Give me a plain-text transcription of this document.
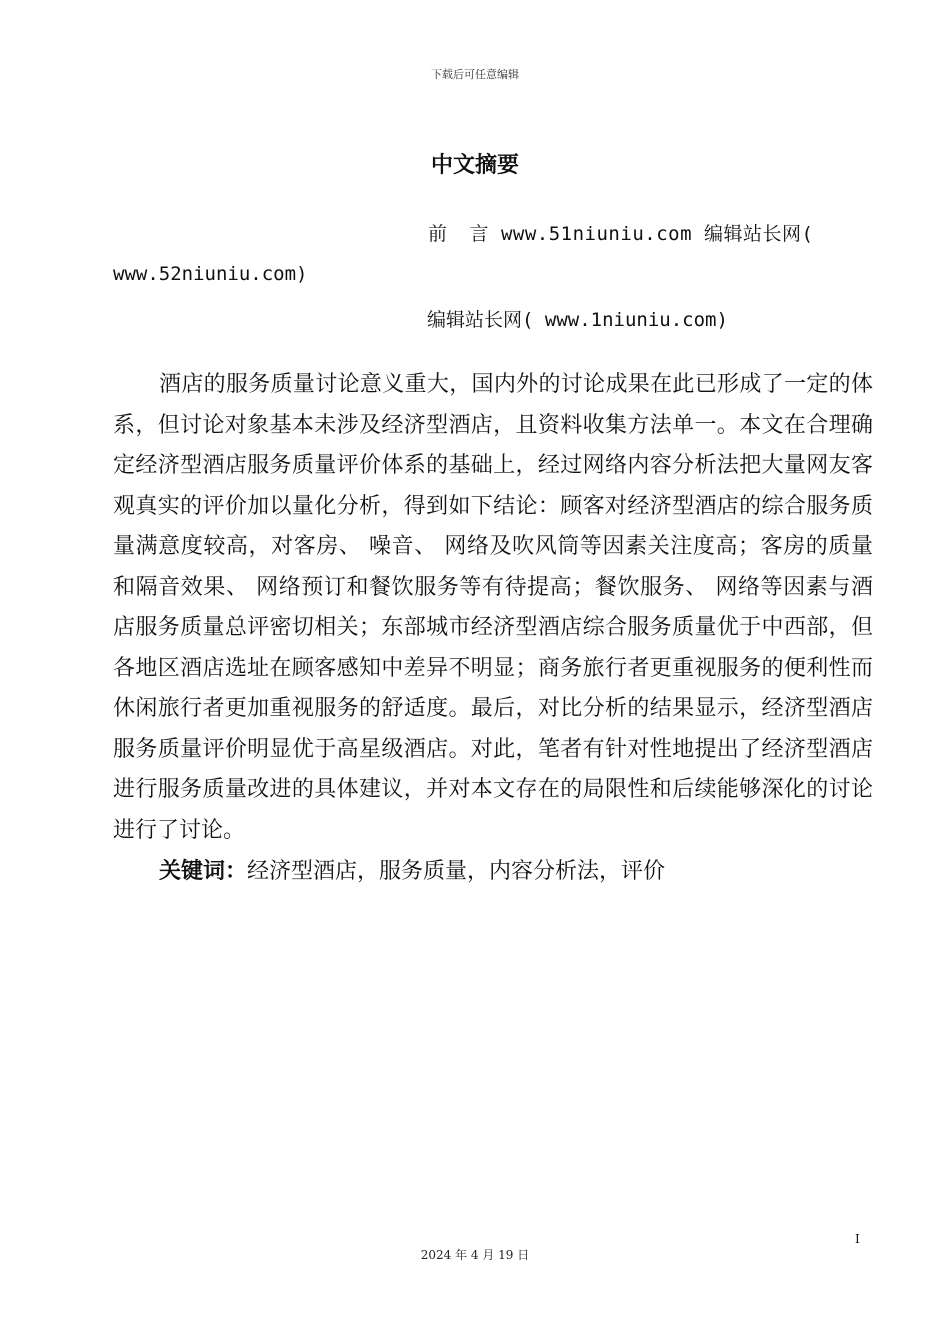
下载后可任意编辑
中文摘要
前 言 www.51niuniu.com 编辑站长网(
www.52niuniu.com)
编辑站长网( www.1niuniu.com)

酒店的服务质量讨论意义重大，国内外的讨论成果在此已形成了一定的体系，但讨论对象基本未涉及经济型酒店，且资料收集方法单一。本文在合理确定经济型酒店服务质量评价体系的基础上，经过网络内容分析法把大量网友客观真实的评价加以量化分析，得到如下结论：顾客对经济型酒店的综合服务质量满意度较高，对客房、 噪音、 网络及吹风筒等因素关注度高；客房的质量和隔音效果、 网络预订和餐饮服务等有待提高；餐饮服务、 网络等因素与酒店服务质量总评密切相关；东部城市经济型酒店综合服务质量优于中西部，但各地区酒店选址在顾客感知中差异不明显；商务旅行者更重视服务的便利性而休闲旅行者更加重视服务的舒适度。最后，对比分析的结果显示，经济型酒店服务质量评价明显优于高星级酒店。对此，笔者有针对性地提出了经济型酒店进行服务质量改进的具体建议，并对本文存在的局限性和后续能够深化的讨论进行了讨论。

关键词：经济型酒店，服务质量，内容分析法，评价
I
2024 年 4 月 19 日
